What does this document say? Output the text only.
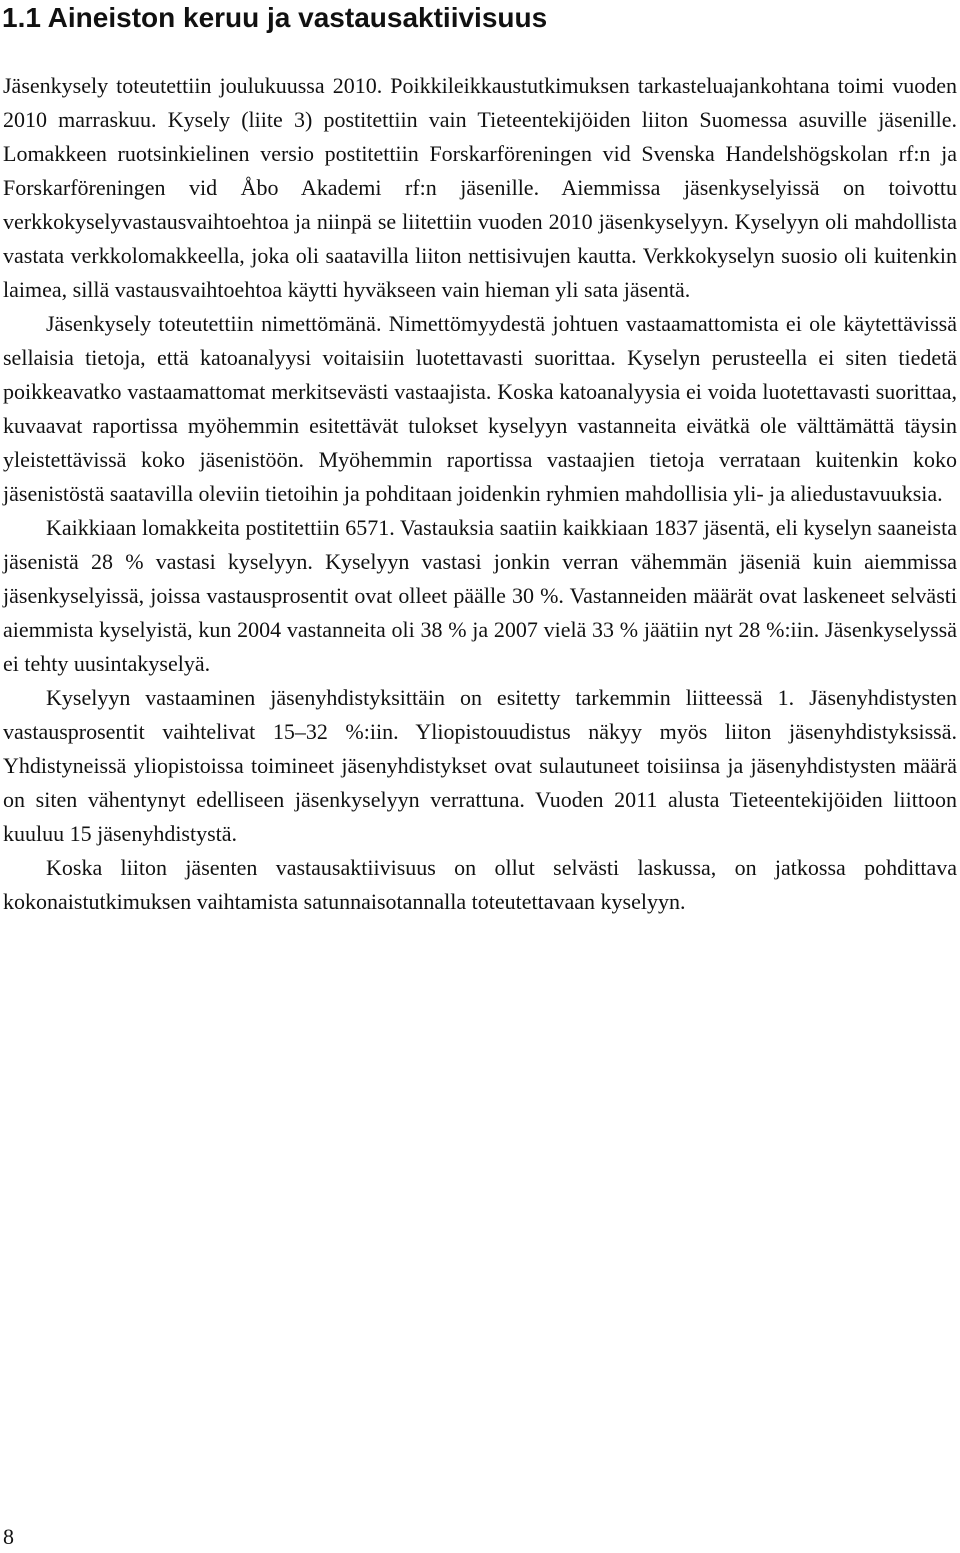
1.1 Aineiston keruu ja vastausaktiivisuus

Jäsenkysely toteutettiin joulukuussa 2010. Poikkileikkaustutkimuksen tarkasteluajankohtana toimi vuoden 2010 marraskuu. Kysely (liite 3) postitettiin vain Tieteentekijöiden liiton Suomessa asuville jäsenille. Lomakkeen ruotsinkielinen versio postitettiin Forskarföreningen vid Svenska Handelshögskolan rf:n ja Forskarföreningen vid Åbo Akademi rf:n jäsenille. Aiemmissa jäsenkyselyissä on toivottu verkkokyselyvastausvaihtoehtoa ja niinpä se liitettiin vuoden 2010 jäsenkyselyyn. Kyselyyn oli mahdollista vastata verkkolomakkeella, joka oli saatavilla liiton nettisivujen kautta. Verkkokyselyn suosio oli kuitenkin laimea, sillä vastausvaihtoehtoa käytti hyväkseen vain hieman yli sata jäsentä.

Jäsenkysely toteutettiin nimettömänä. Nimettömyydestä johtuen vastaamattomista ei ole käytettävissä sellaisia tietoja, että katoanalyysi voitaisiin luotettavasti suorittaa. Kyselyn perusteella ei siten tiedetä poikkeavatko vastaamattomat merkitsevästi vastaajista. Koska katoanalyysia ei voida luotettavasti suorittaa, kuvaavat raportissa myöhemmin esitettävät tulokset kyselyyn vastanneita eivätkä ole välttämättä täysin yleistettävissä koko jäsenistöön. Myöhemmin raportissa vastaajien tietoja verrataan kuitenkin koko jäsenistöstä saatavilla oleviin tietoihin ja pohditaan joidenkin ryhmien mahdollisia yli- ja aliedustavuuksia.

Kaikkiaan lomakkeita postitettiin 6571. Vastauksia saatiin kaikkiaan 1837 jäsentä, eli kyselyn saaneista jäsenistä 28 % vastasi kyselyyn. Kyselyyn vastasi jonkin verran vähemmän jäseniä kuin aiemmissa jäsenkyselyissä, joissa vastausprosentit ovat olleet päälle 30 %. Vastanneiden määrät ovat laskeneet selvästi aiemmista kyselyistä, kun 2004 vastanneita oli 38 % ja 2007 vielä 33 % jäätiin nyt 28 %:iin. Jäsenkyselyssä ei tehty uusintakyselyä.

Kyselyyn vastaaminen jäsenyhdistyksittäin on esitetty tarkemmin liitteessä 1. Jäsenyhdistysten vastausprosentit vaihtelivat 15–32 %:iin. Yliopistouudistus näkyy myös liiton jäsenyhdistyksissä. Yhdistyneissä yliopistoissa toimineet jäsenyhdistykset ovat sulautuneet toisiinsa ja jäsenyhdistysten määrä on siten vähentynyt edelliseen jäsenkyselyyn verrattuna. Vuoden 2011 alusta Tieteentekijöiden liittoon kuuluu 15 jäsenyhdistystä.

Koska liiton jäsenten vastausaktiivisuus on ollut selvästi laskussa, on jatkossa pohdittava kokonaistutkimuksen vaihtamista satunnaisotannalla toteutettavaan kyselyyn.

8
